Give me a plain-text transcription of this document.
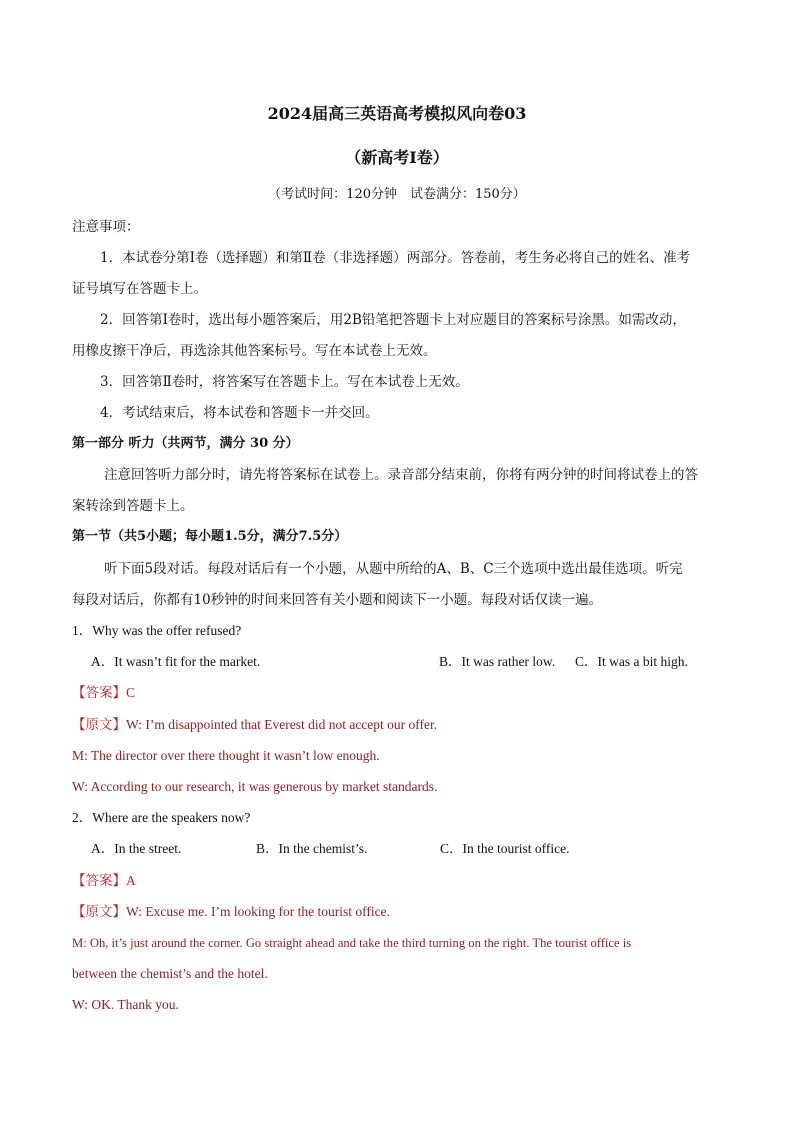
2024届高三英语高考模拟风向卷03
（新高考I卷）
（考试时间：120分钟　试卷满分：150分）
注意事项：
1．本试卷分第Ⅰ卷（选择题）和第Ⅱ卷（非选择题）两部分。答卷前，考生务必将自己的姓名、准考
证号填写在答题卡上。
2．回答第Ⅰ卷时，选出每小题答案后，用2B铅笔把答题卡上对应题目的答案标号涂黑。如需改动，
用橡皮擦干净后，再选涂其他答案标号。写在本试卷上无效。
3．回答第Ⅱ卷时，将答案写在答题卡上。写在本试卷上无效。
4．考试结束后，将本试卷和答题卡一并交回。
第一部分 听力（共两节，满分 30 分）
注意回答听力部分时，请先将答案标在试卷上。录音部分结束前，你将有两分钟的时间将试卷上的答
案转涂到答题卡上。
第一节（共5小题；每小题1.5分，满分7.5分）
听下面5段对话。每段对话后有一个小题，从题中所给的A、B、C三个选项中选出最佳选项。听完
每段对话后，你都有10秒钟的时间来回答有关小题和阅读下一小题。每段对话仅读一遍。
1．Why was the offer refused?
A．It wasn’t fit for the market.	B．It was rather low. C．It was a bit high.
【答案】C
【原文】W: I’m disappointed that Everest did not accept our offer.
M: The director over there thought it wasn’t low enough.
W: According to our research, it was generous by market standards.
2．Where are the speakers now?
A．In the street.	B．In the chemist’s.	C．In the tourist office.
【答案】A
【原文】W: Excuse me. I’m looking for the tourist office.
M: Oh, it’s just around the corner. Go straight ahead and take the third turning on the right. The tourist office is
between the chemist’s and the hotel.
W: OK. Thank you.
